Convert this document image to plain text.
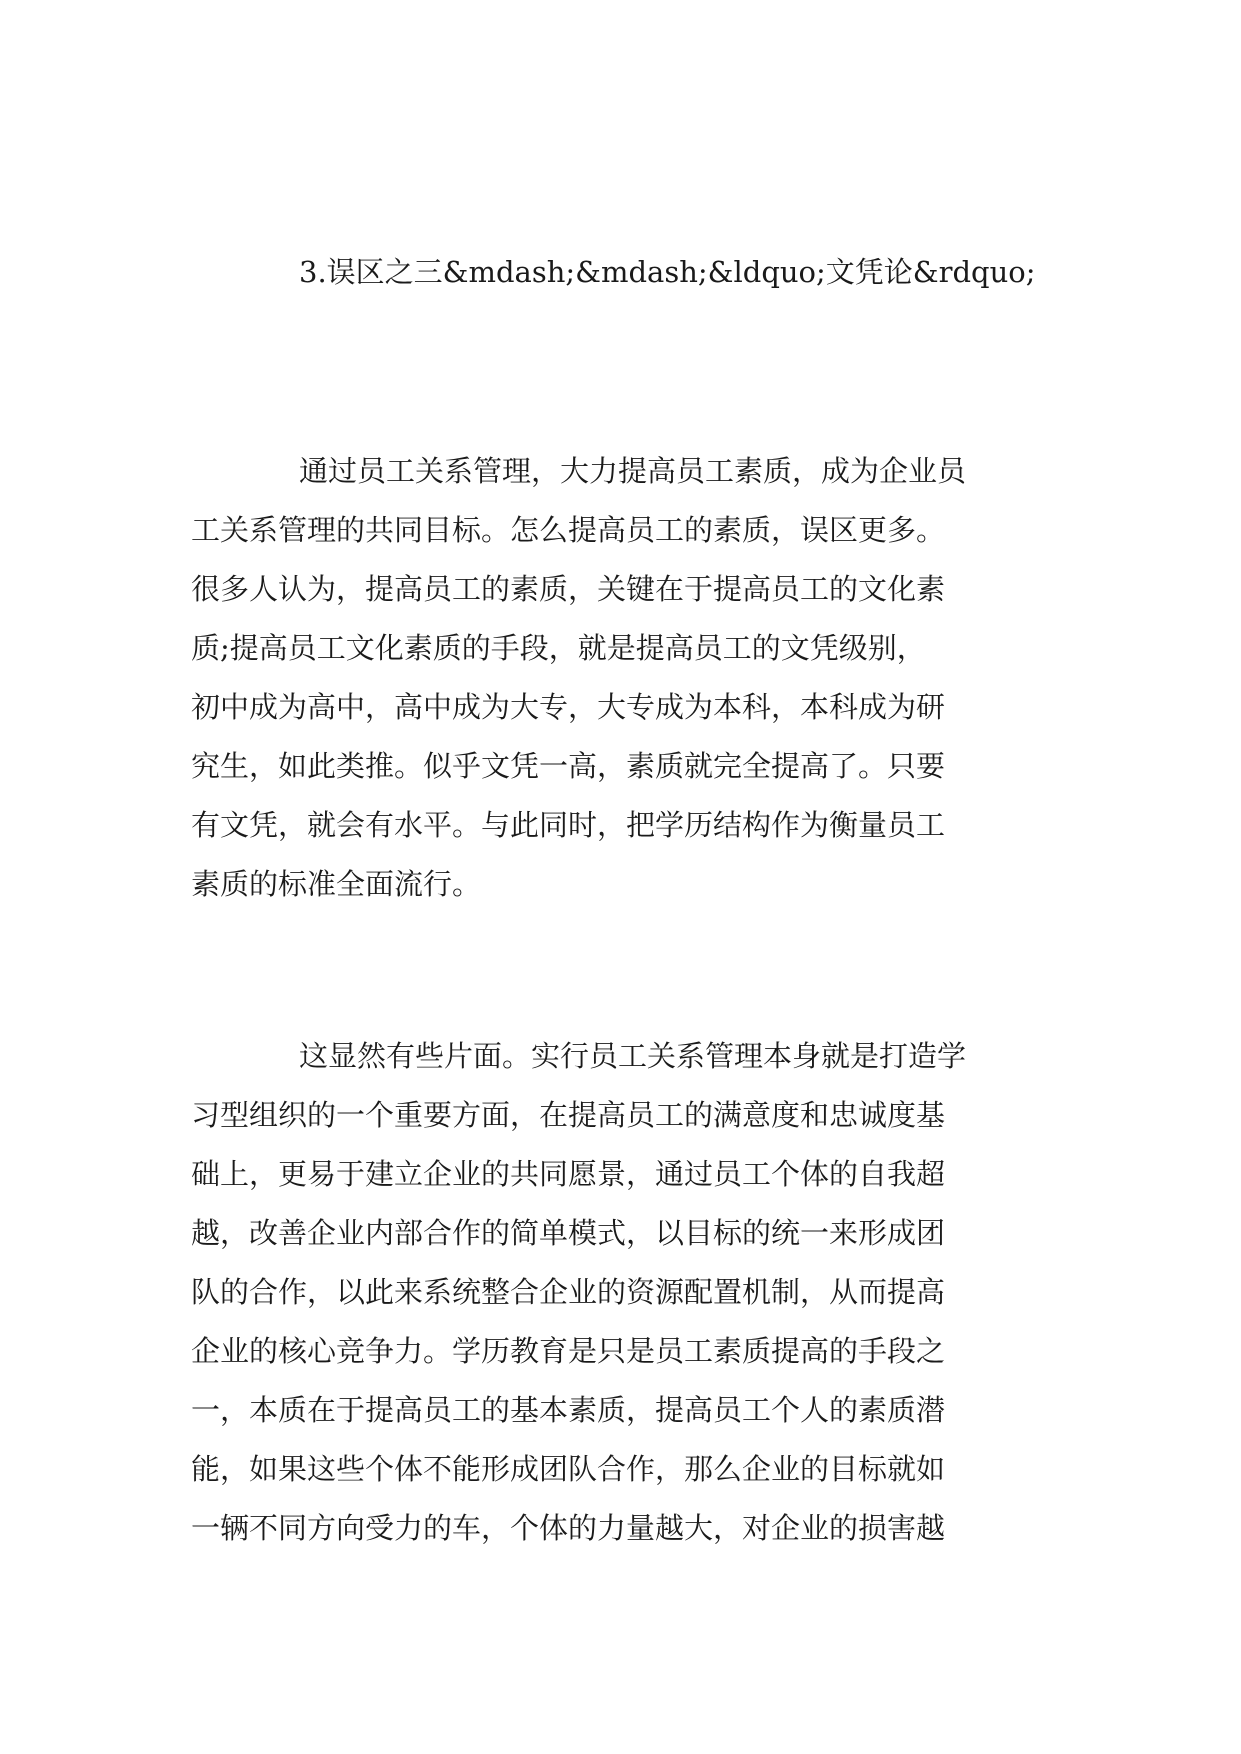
3.误区之三&mdash;&mdash;&ldquo;文凭论&rdquo;
通过员工关系管理，大力提高员工素质，成为企业员
工关系管理的共同目标。怎么提高员工的素质，误区更多。
很多人认为，提高员工的素质，关键在于提高员工的文化素
质;提高员工文化素质的手段，就是提高员工的文凭级别，
初中成为高中，高中成为大专，大专成为本科，本科成为研
究生，如此类推。似乎文凭一高，素质就完全提高了。只要
有文凭，就会有水平。与此同时，把学历结构作为衡量员工
素质的标准全面流行。
这显然有些片面。实行员工关系管理本身就是打造学
习型组织的一个重要方面，在提高员工的满意度和忠诚度基
础上，更易于建立企业的共同愿景，通过员工个体的自我超
越，改善企业内部合作的简单模式，以目标的统一来形成团
队的合作，以此来系统整合企业的资源配置机制，从而提高
企业的核心竞争力。学历教育是只是员工素质提高的手段之
一，本质在于提高员工的基本素质，提高员工个人的素质潜
能，如果这些个体不能形成团队合作，那么企业的目标就如
一辆不同方向受力的车，个体的力量越大，对企业的损害越
